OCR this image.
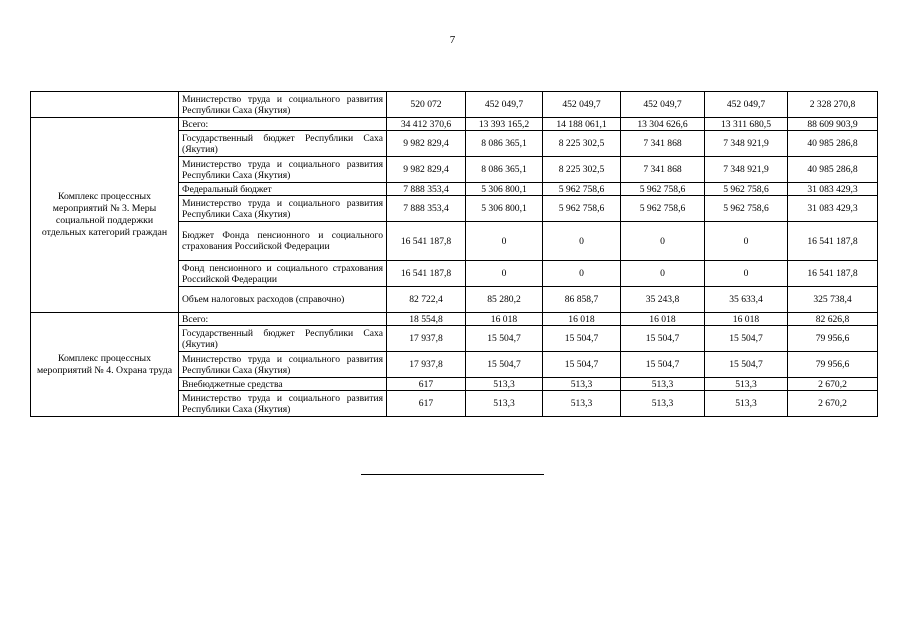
7
	Министерство труда и социального развития Республики Саха (Якутия)	520 072	452 049,7	452 049,7	452 049,7	452 049,7	2 328 270,8
Комплекс процессных мероприятий № 3. Меры социальной поддержки отдельных категорий граждан	Всего:	34 412 370,6	13 393 165,2	14 188 061,1	13 304 626,6	13 311 680,5	88 609 903,9
	Государственный бюджет Республики Саха (Якутия)	9 982 829,4	8 086 365,1	8 225 302,5	7 341 868	7 348 921,9	40 985 286,8
	Министерство труда и социального развития Республики Саха (Якутия)	9 982 829,4	8 086 365,1	8 225 302,5	7 341 868	7 348 921,9	40 985 286,8
	Федеральный бюджет	7 888 353,4	5 306 800,1	5 962 758,6	5 962 758,6	5 962 758,6	31 083 429,3
	Министерство труда и социального развития Республики Саха (Якутия)	7 888 353,4	5 306 800,1	5 962 758,6	5 962 758,6	5 962 758,6	31 083 429,3
	Бюджет Фонда пенсионного и социального страхования Российской Федерации	16 541 187,8	0	0	0	0	16 541 187,8
	Фонд пенсионного и социального страхования Российской Федерации	16 541 187,8	0	0	0	0	16 541 187,8
	Объем налоговых расходов (справочно)	82 722,4	85 280,2	86 858,7	35 243,8	35 633,4	325 738,4
Комплекс процессных мероприятий № 4. Охрана труда	Всего:	18 554,8	16 018	16 018	16 018	16 018	82 626,8
	Государственный бюджет Республики Саха (Якутия)	17 937,8	15 504,7	15 504,7	15 504,7	15 504,7	79 956,6
	Министерство труда и социального развития Республики Саха (Якутия)	17 937,8	15 504,7	15 504,7	15 504,7	15 504,7	79 956,6
	Внебюджетные средства	617	513,3	513,3	513,3	513,3	2 670,2
	Министерство труда и социального развития Республики Саха (Якутия)	617	513,3	513,3	513,3	513,3	2 670,2
